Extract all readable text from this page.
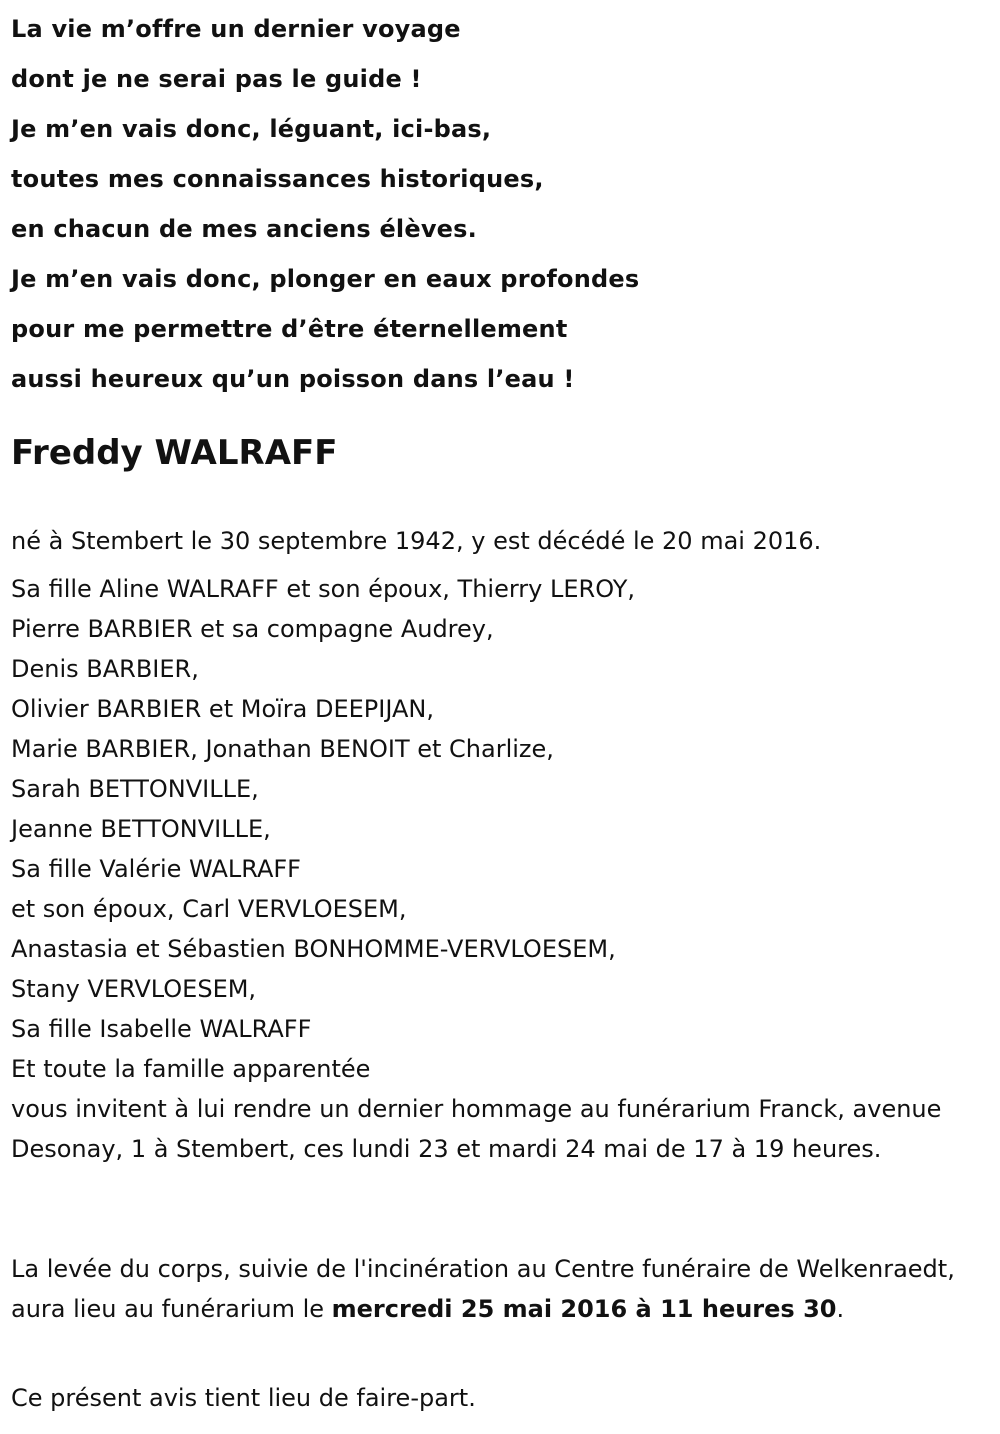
La vie m’offre un dernier voyage
dont je ne serai pas le guide !
Je m’en vais donc, léguant, ici-bas,
toutes mes connaissances historiques,
en chacun de mes anciens élèves.
Je m’en vais donc, plonger en eaux profondes
pour me permettre d’être éternellement
aussi heureux qu’un poisson dans l’eau !
Freddy WALRAFF

né à Stembert le 30 septembre 1942, y est décédé le 20 mai 2016.

Sa fille Aline WALRAFF et son époux, Thierry LEROY,
Pierre BARBIER et sa compagne Audrey,
Denis BARBIER,
Olivier BARBIER et Moïra DEEPIJAN,
Marie BARBIER, Jonathan BENOIT et Charlize,
Sarah BETTONVILLE,
Jeanne BETTONVILLE,
Sa fille Valérie WALRAFF
et son époux, Carl VERVLOESEM,
Anastasia et Sébastien BONHOMME-VERVLOESEM,
Stany VERVLOESEM,
Sa fille Isabelle WALRAFF
Et toute la famille apparentée

vous invitent à lui rendre un dernier hommage au funérarium Franck, avenue Desonay, 1 à Stembert, ces lundi 23 et mardi 24 mai de 17 à 19 heures.

La levée du corps, suivie de l'incinération au Centre funéraire de Welkenraedt, aura lieu au funérarium le mercredi 25 mai 2016 à 11 heures 30.

Ce présent avis tient lieu de faire-part.
